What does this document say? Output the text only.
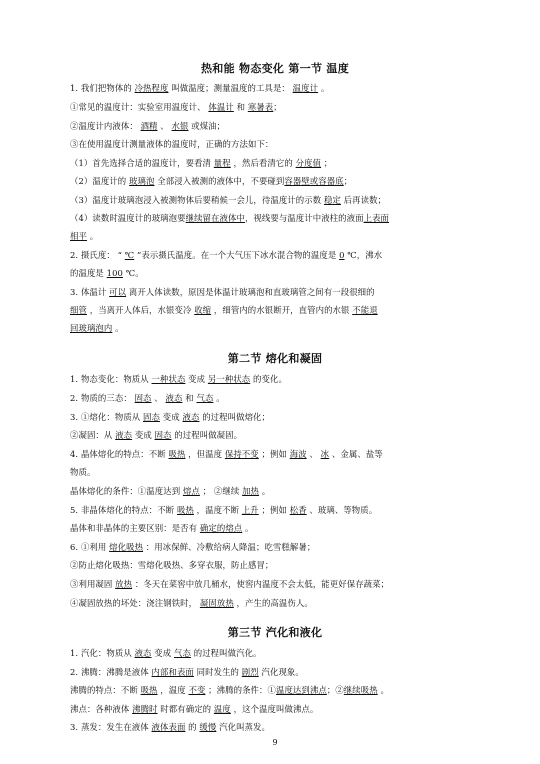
热和能 物态变化 第一节 温度
1. 我们把物体的 冷热程度 叫做温度；测量温度的工具是： 温度计 。
①常见的温度计：实验室用温度计、 体温计 和 寒暑表；
②温度计内液体： 酒精 、 水银 或煤油；
③在使用温度计测量液体的温度时，正确的方法如下：
（1）首先选择合适的温度计，要看清 量程 ，然后看清它的 分度值 ；
（2）温度计的 玻璃泡 全部浸入被测的液体中，不要碰到容器壁或容器底；
（3）温度计玻璃泡浸入被测物体后要稍候一会儿，待温度计的示数 稳定 后再读数；
（4）读数时温度计的玻璃泡要继续留在液体中，视线要与温度计中液柱的液面上表面
相平 。
2. 摄氏度： “ ℃ ”表示摄氏温度。在一个大气压下冰水混合物的温度是 0 ℃，沸水
的温度是 100 ℃。
3. 体温计 可以 离开人体读数，原因是体温计玻璃泡和直玻璃管之间有一段很细的
细管 ，当离开人体后，水银变冷 收缩 ，细管内的水银断开，直管内的水银 不能退
回玻璃泡内 。
第二节 熔化和凝固
1. 物态变化：物质从 一种状态 变成 另一种状态 的变化。
2. 物质的三态： 固态 、 液态 和 气态 。
3. ①熔化：物质从 固态 变成 液态 的过程叫做熔化；
②凝固：从 液态 变成 固态 的过程叫做凝固。
4. 晶体熔化的特点：不断 吸热 ，但温度 保持不变 ；例如 海波 、 冰 、金属、盐等
物质。
晶体熔化的条件：①温度达到 熔点 ； ②继续 加热 。
5. 非晶体熔化的特点：不断 吸热 ，温度不断 上升 ；例如 松香 、玻璃、等物质。
晶体和非晶体的主要区别：是否有 确定的熔点 。
6. ①利用 熔化吸热 ：用冰保鲜、冷敷给病人降温；吃雪糕解暑；
②防止熔化吸热：雪熔化吸热、多穿衣服，防止感冒；
③利用凝固 放热 ：冬天在菜窖中放几桶水，使窖内温度不会太低，能更好保存蔬菜；
④凝固放热的坏处：浇注钢铁时， 凝固放热 ，产生的高温伤人。
第三节 汽化和液化
1. 汽化：物质从 液态 变成 气态 的过程叫做汽化。
2. 沸腾：沸腾是液体 内部和表面 同时发生的 剧烈 汽化现象。
沸腾的特点：不断 吸热 ，温度 不变 ；沸腾的条件：①温度达到沸点；②继续吸热 。
沸点：各种液体 沸腾时 时都有确定的 温度 ，这个温度叫做沸点。
3. 蒸发：发生在液体 液体表面 的 缓慢 汽化叫蒸发。
9
